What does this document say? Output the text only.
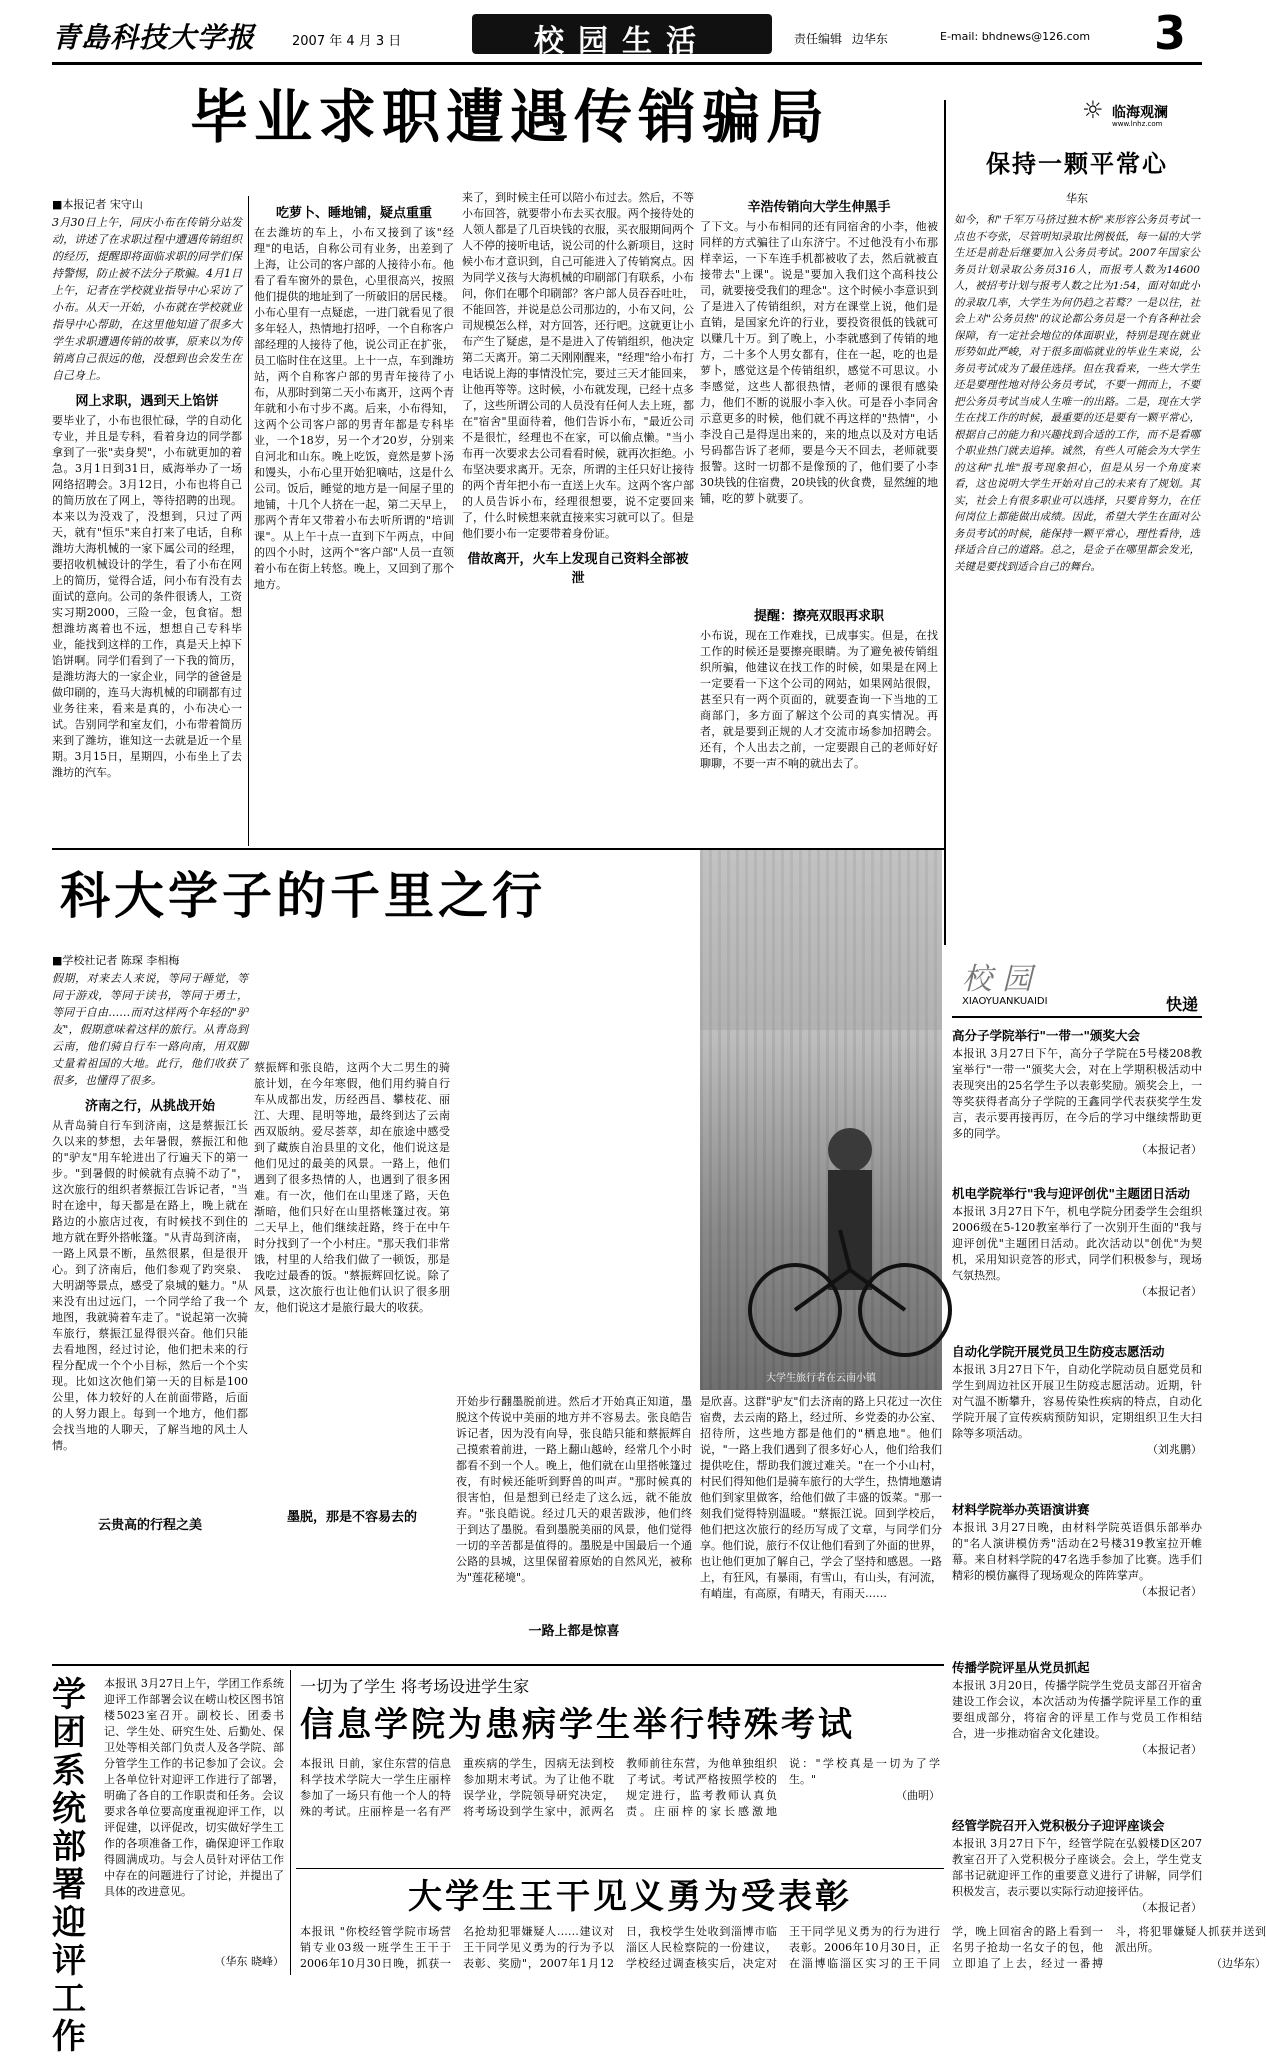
青島科技大学报	2007 年 4 月 3 日	校园生活	责任编辑 边华东	E-mail: bhdnews@126.com 3
毕业求职遭遇传销骗局
■本报记者 宋守山
3月30日上午，同庆小布在传销分站发动，讲述了在求职过程中遭遇传销组织的经历，提醒即将面临求职的同学们保持警惕，防止被不法分子欺骗。4月1日上午，记者在学校就业指导中心采访了小布。从天一开始，小布就在学校就业指导中心帮助，在这里他知道了很多大学生求职遭遇传销的故事，原来以为传销离自己很远的他，没想到也会发生在自己身上。
网上求职，遇到天上馅饼
要毕业了，小布也很忙碌，学的自动化专业，并且是专科，看着身边的同学都拿到了一张"卖身契"，小布就更加的着急。3月1日到31日，威海举办了一场网络招聘会。3月12日，小布也将自己的简历放在了网上，等待招聘的出现。本来以为没戏了，没想到，只过了两天，就有"恒乐"来自打来了电话，自称潍坊大海机械的一家下属公司的经理，要招收机械设计的学生，看了小布在网上的简历，觉得合适，问小布有没有去面试的意向。公司的条件很诱人，工资实习期2000，三险一金，包食宿。想想潍坊离着也不远，想想自己专科毕业，能找到这样的工作，真是天上掉下馅饼啊。同学们看到了一下我的简历，是潍坊海大的一家企业，同学的爸爸是做印刷的，连马大海机械的印刷都有过业务往来，看来是真的，小布决心一试。告别同学和室友们，小布带着简历来到了潍坊，谁知这一去就是近一个星期。3月15日，星期四，小布坐上了去潍坊的汽车。
吃萝卜、睡地铺，疑点重重
在去潍坊的车上，小布又接到了该"经理"的电话，自称公司有业务，出差到了上海，让公司的客户部的人接待小布。他看了看车窗外的景色，心里很高兴，按照他们提供的地址到了一所破旧的居民楼。小布心里有一点疑虑，一进门就看见了很多年轻人，热情地打招呼，一个自称客户部经理的人接待了他，说公司正在扩张，员工临时住在这里。上十一点，车到潍坊站，两个自称客户部的男青年接待了小布，从那时到第二天小布离开，这两个青年就和小布寸步不离。后来，小布得知，这两个公司客户部的男青年都是专科毕业，一个18岁，另一个才20岁，分别来自河北和山东。晚上吃饭，竟然是萝卜汤和馒头，小布心里开始犯嘀咕，这是什么公司。饭后，睡觉的地方是一间屋子里的地铺，十几个人挤在一起，第二天早上，那两个青年又带着小布去听所谓的"培训课"。从上午十点一直到下午两点，中间的四个小时，这两个"客户部"人员一直领着小布在街上转悠。晚上，又回到了那个地方。
来了，到时候主任可以陪小布过去。然后，不等小布回答，就要带小布去买衣服。两个接待处的人领人都是了几百块钱的衣服，买衣服期间两个人不停的接听电话，说公司的什么新项目，这时候小布才意识到，自己可能进入了传销窝点。因为同学义孩与大海机械的印刷部门有联系，小布问，你们在哪个印刷部？客户部人员吞吞吐吐，不能回答，并说是总公司那边的，小布又问，公司规模怎么样，对方回答，还行吧。这就更让小布产生了疑虑，是不是进入了传销组织，他决定第二天离开。第二天刚刚醒来，"经理"给小布打电话说上海的事情没忙完，要过三天才能回来，让他再等等。这时候，小布就发现，已经十点多了，这些所谓公司的人员没有任何人去上班，都在"宿舍"里面待着，他们告诉小布，"最近公司不是很忙，经理也不在家，可以偷点懒。"当小布再一次要求去公司看看时候，就再次拒绝。小布坚决要求离开。无奈，所谓的主任只好让接待的两个青年把小布一直送上火车。这两个客户部的人员告诉小布，经理很想要，说不定要回来了，什么时候想来就直接来实习就可以了。但是他们要小布一定要带着身份证。
借故离开，火车上发现自己资料全部被泄
辛浩传销向大学生伸黑手
了下文。与小布相同的还有同宿舍的小李，他被同样的方式骗往了山东济宁。不过他没有小布那样幸运，一下车连手机都被收了去，然后就被直接带去"上课"。说是"要加入我们这个高科技公司，就要接受我们的理念"。这个时候小李意识到了是进入了传销组织，对方在课堂上说，他们是直销，是国家允许的行业，要投资很低的钱就可以赚几十万。到了晚上，小李就感到了传销的地方，二十多个人男女都有，住在一起，吃的也是萝卜，感觉这是个传销组织，感觉不可思议。小李感觉，这些人都很热情，老师的课很有感染力，他们不断的说服小李入伙。可是吞小李同舍示意更多的时候，他们就不再这样的"热情"，小李没自己是得逞出来的，来的地点以及对方电话号码都告诉了老师，要是今天不回去，老师就要报警。这时一切都不是像预的了，他们要了小李30块钱的住宿费，20块钱的伙食费，显然缠的地铺，吃的萝卜就要了。
提醒：擦亮双眼再求职
小布说，现在工作难找，已成事实。但是，在找工作的时候还是要擦亮眼睛。为了避免被传销组织所骗，他建议在找工作的时候，如果是在网上一定要看一下这个公司的网站，如果网站很假，甚至只有一两个页面的，就要查询一下当地的工商部门，多方面了解这个公司的真实情况。再者，就是要到正规的人才交流市场参加招聘会。还有，个人出去之前，一定要跟自己的老师好好聊聊，不要一声不响的就出去了。
☼ 临海观澜
www.lnhz.com
保持一颗平常心
华东
如今，和"千军万马挤过独木桥"来形容公务员考试一点也不夸张，尽管明知录取比例极低，每一届的大学生还是前赴后继要加入公务员考试。2007年国家公务员计划录取公务员316人，而报考人数为14600人，被招考计划与报考人数之比为1:54，面对如此小的录取几率，大学生为何仍趋之若鹜？一是以往，社会上对"公务员热"的议论都公务员是一个有各种社会保障，有一定社会地位的体面职业，特别是现在就业形势如此严峻，对于很多面临就业的毕业生来说，公务员考试成为了最佳选择。但在我看来，一些大学生还是要理性地对待公务员考试，不要一拥而上，不要把公务员考试当成人生唯一的出路。二是，现在大学生在找工作的时候，最重要的还是要有一颗平常心，根据自己的能力和兴趣找到合适的工作，而不是看哪个职业热门就去追捧。诚然，有些人可能会为大学生的这种"扎堆"报考现象担心，但是从另一个角度来看，这也说明大学生开始对自己的未来有了规划。其实，社会上有很多职业可以选择，只要肯努力，在任何岗位上都能做出成绩。因此，希望大学生在面对公务员考试的时候，能保持一颗平常心，理性看待，选择适合自己的道路。总之，是金子在哪里都会发光，关键是要找到适合自己的舞台。
科大学子的千里之行
大学生旅行者在云南小镇
■学校社记者 陈琛 李相梅
假期，对来去人来说，等同于睡觉，等同于游戏，等同于读书，等同于勇士，等同于自由……而对这样两个年轻的"驴友"，假期意味着这样的旅行。从青岛到云南，他们骑自行车一路向南，用双脚丈量着祖国的大地。此行，他们收获了很多，也懂得了很多。
济南之行，从挑战开始
从青岛骑自行车到济南，这是蔡振江长久以来的梦想，去年暑假，蔡振江和他的"驴友"用车轮进出了行遍天下的第一步。"到暑假的时候就有点骑不动了"，这次旅行的组织者蔡振江告诉记者，"当时在途中，每天都是在路上，晚上就在路边的小旅店过夜，有时候找不到住的地方就在野外搭帐篷。"从青岛到济南，一路上风景不断，虽然很累，但是很开心。到了济南后，他们参观了趵突泉、大明湖等景点，感受了泉城的魅力。"从来没有出过远门，一个同学给了我一个地图，我就骑着车走了。"说起第一次骑车旅行，蔡振江显得很兴奋。他们只能去看地图，经过讨论，他们把未来的行程分配成一个个小目标，然后一个个实现。比如这次他们第一天的目标是100公里，体力较好的人在前面带路，后面的人努力跟上。每到一个地方，他们都会找当地的人聊天，了解当地的风土人情。
云贵高的行程之美
蔡振辉和张良皓，这两个大二男生的骑旅计划，在今年寒假，他们用约骑自行车从成都出发，历经西昌、攀枝花、丽江、大理、昆明等地，最终到达了云南西双版纳。爱尽荟萃，却在旅途中感受到了藏族自治县里的文化，他们说这是他们见过的最美的风景。一路上，他们遇到了很多热情的人，也遇到了很多困难。有一次，他们在山里迷了路，天色渐暗，他们只好在山里搭帐篷过夜。第二天早上，他们继续赶路，终于在中午时分找到了一个小村庄。"那天我们非常饿，村里的人给我们做了一顿饭，那是我吃过最香的饭。"蔡振辉回忆说。除了风景，这次旅行也让他们认识了很多朋友，他们说这才是旅行最大的收获。
墨脱，那是不容易去的
开始步行翻墨脱前进。然后才开始真正知道，墨脱这个传说中美丽的地方并不容易去。张良皓告诉记者，因为没有向导，张良皓只能和蔡振辉自己摸索着前进，一路上翻山越岭，经常几个小时都看不到一个人。晚上，他们就在山里搭帐篷过夜，有时候还能听到野兽的叫声。"那时候真的很害怕，但是想到已经走了这么远，就不能放弃。"张良皓说。经过几天的艰苦跋涉，他们终于到达了墨脱。看到墨脱美丽的风景，他们觉得一切的辛苦都是值得的。墨脱是中国最后一个通公路的县城，这里保留着原始的自然风光，被称为"莲花秘境"。
一路上都是惊喜
是欣喜。这群"驴友"们去济南的路上只花过一次住宿费，去云南的路上，经过所、乡党委的办公室、招待所，这些地方都是他们的"栖息地"。他们说，"一路上我们遇到了很多好心人，他们给我们提供吃住，帮助我们渡过难关。"在一个小山村，村民们得知他们是骑车旅行的大学生，热情地邀请他们到家里做客，给他们做了丰盛的饭菜。"那一刻我们觉得特别温暖。"蔡振江说。回到学校后，他们把这次旅行的经历写成了文章，与同学们分享。他们说，旅行不仅让他们看到了外面的世界，也让他们更加了解自己，学会了坚持和感恩。一路上，有狂风，有暴雨，有雪山，有山头，有河流，有峭崖，有高原，有晴天，有雨天……
校园
XIAOYUANKUAIDI	快递
高分子学院举行"一带一"颁奖大会
本报讯 3月27日下午，高分子学院在5号楼208教室举行"一带一"颁奖大会，对在上学期积极活动中表现突出的25名学生予以表彰奖励。颁奖会上，一等奖获得者高分子学院的王鑫同学代表获奖学生发言，表示要再接再厉，在今后的学习中继续帮助更多的同学。
（本报记者）
机电学院举行"我与迎评创优"主题团日活动
本报讯 3月27日下午，机电学院分团委学生会组织2006级在5-120教室举行了一次别开生面的"我与迎评创优"主题团日活动。此次活动以"创优"为契机，采用知识竞答的形式，同学们积极参与，现场气氛热烈。
（本报记者）
自动化学院开展党员卫生防疫志愿活动
本报讯 3月27日下午，自动化学院动员自愿党员和学生到周边社区开展卫生防疫志愿活动。近期，针对气温不断攀升，容易传染性疾病的特点，自动化学院开展了宣传疾病预防知识，定期组织卫生大扫除等多项活动。
（刘兆鹏）
材料学院举办英语演讲赛
本报讯 3月27日晚，由材料学院英语俱乐部举办的"名人演讲模仿秀"活动在2号楼319教室拉开帷幕。来自材料学院的47名选手参加了比赛。选手们精彩的模仿赢得了现场观众的阵阵掌声。
（本报记者）
传播学院评星从党员抓起
本报讯 3月20日，传播学院学生党员支部召开宿舍建设工作会议，本次活动为传播学院评星工作的重要组成部分，将宿舍的评星工作与党员工作相结合，进一步推动宿舍文化建设。
（本报记者）
经管学院召开入党积极分子迎评座谈会
本报讯 3月27日下午，经管学院在弘毅楼D区207教室召开了入党积极分子座谈会。会上，学生党支部书记就迎评工作的重要意义进行了讲解，同学们积极发言，表示要以实际行动迎接评估。
（本报记者）
学团系统部署迎评工作
本报讯 3月27日上午，学团工作系统迎评工作部署会议在崂山校区图书馆楼5023室召开。副校长、团委书记、学生处、研究生处、后勤处、保卫处等相关部门负责人及各学院、部分管学生工作的书记参加了会议。会上各单位针对迎评工作进行了部署，明确了各自的工作职责和任务。会议要求各单位要高度重视迎评工作，以评促建，以评促改，切实做好学生工作的各项准备工作，确保迎评工作取得圆满成功。与会人员针对评估工作中存在的问题进行了讨论，并提出了具体的改进意见。
（华东 晓峰）
一切为了学生 将考场设进学生家
信息学院为患病学生举行特殊考试
本报讯 日前，家住东营的信息科学技术学院大一学生庄丽梓参加了一场只有他一个人的特殊的考试。庄丽梓是一名有严重疾病的学生，因病无法到校参加期末考试。为了让他不耽误学业，学院领导研究决定，将考场设到学生家中，派两名教师前往东营，为他单独组织了考试。考试严格按照学校的规定进行，监考教师认真负责。庄丽梓的家长感激地说："学校真是一切为了学生。"
（曲明）
大学生王干见义勇为受表彰
本报讯 "你校经管学院市场营销专业03级一班学生王干于2006年10月30日晚，抓获一名抢劫犯罪嫌疑人……建议对王干同学见义勇为的行为予以表彰、奖励"，2007年1月12日，我校学生处收到淄博市临淄区人民检察院的一份建议，学校经过调查核实后，决定对王干同学见义勇为的行为进行表彰。2006年10月30日，正在淄博临淄区实习的王干同学，晚上回宿舍的路上看到一名男子抢劫一名女子的包，他立即追了上去，经过一番搏斗，将犯罪嫌疑人抓获并送到派出所。
（边华东）
